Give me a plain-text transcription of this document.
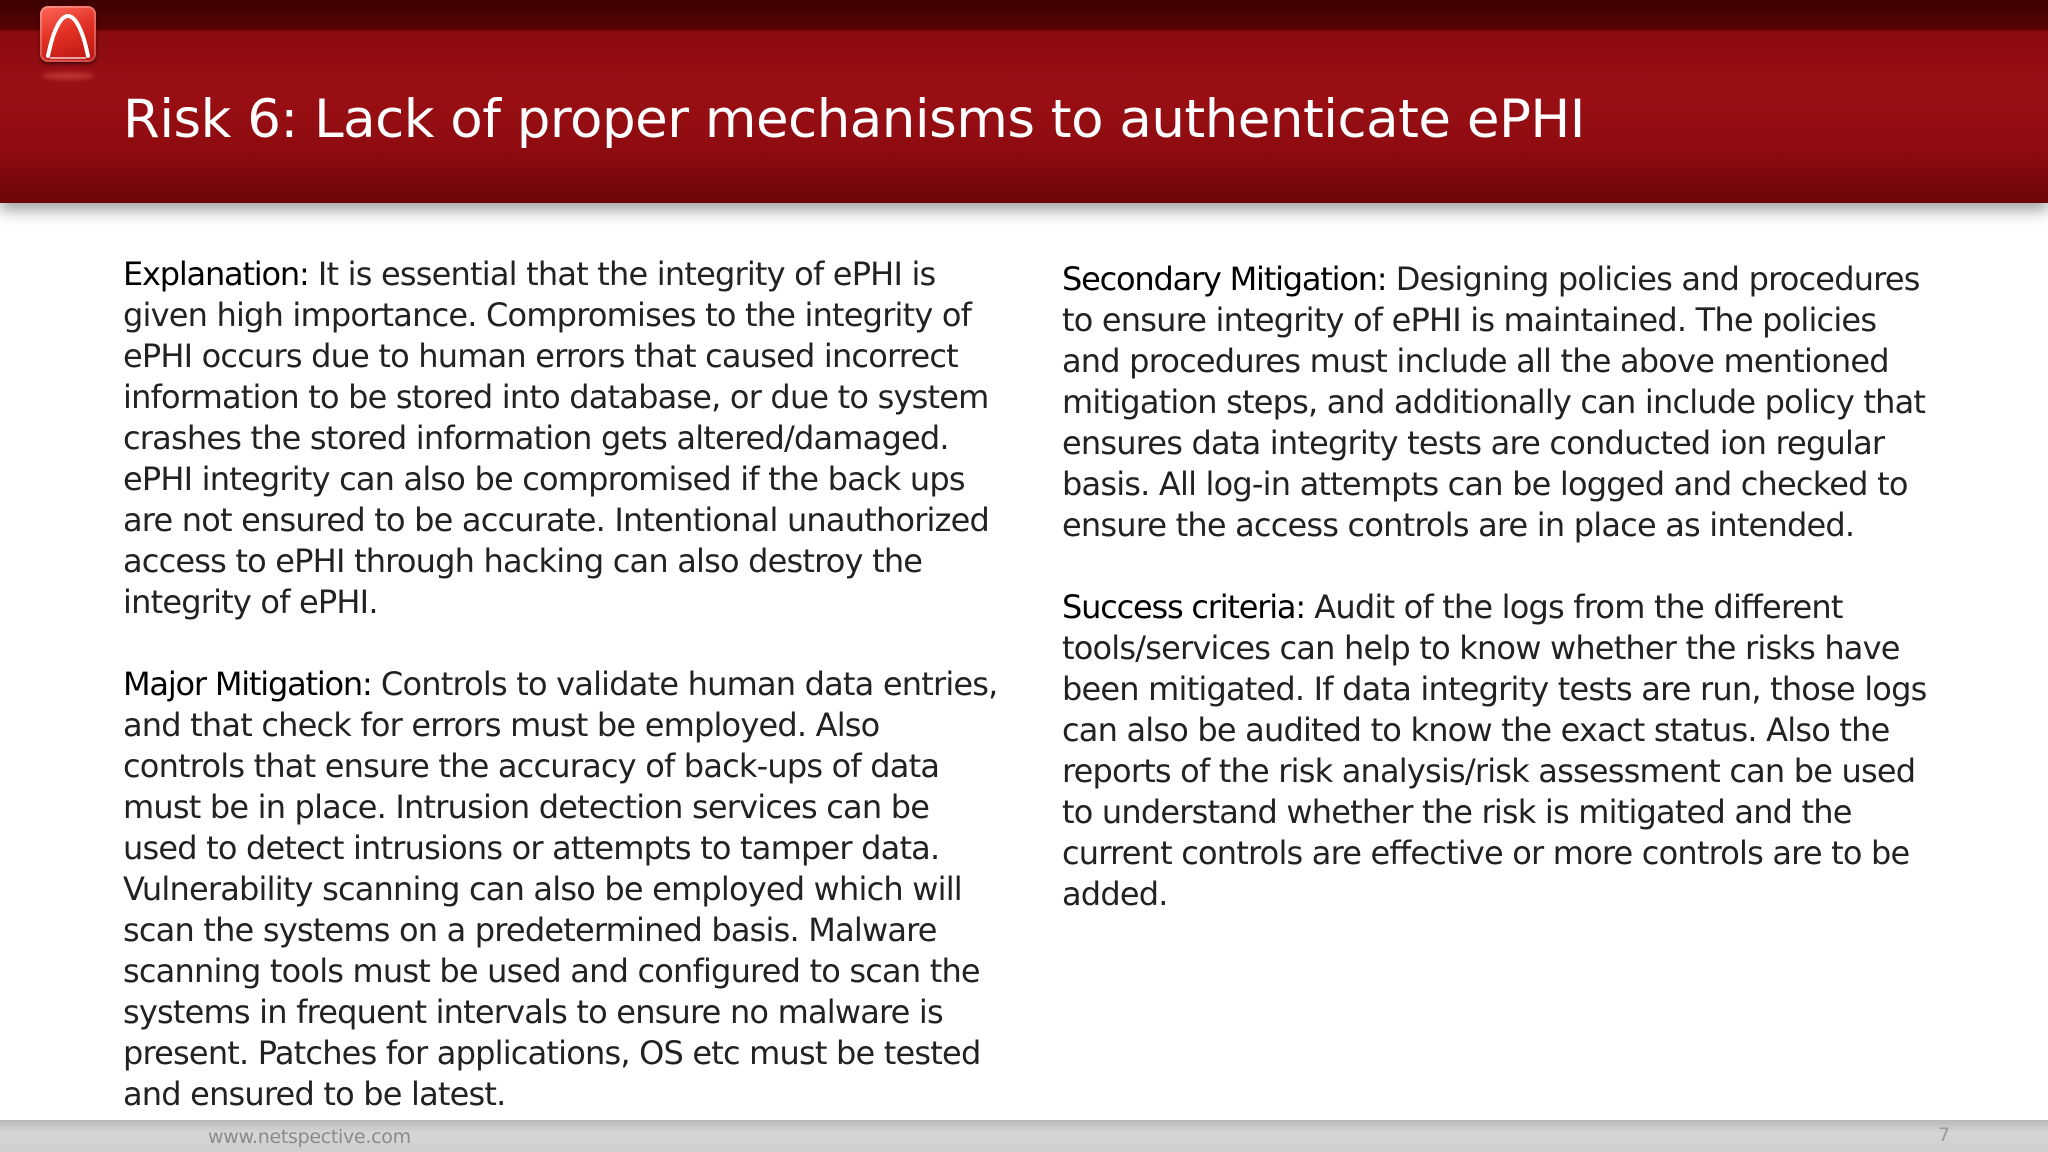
Risk 6: Lack of proper mechanisms to authenticate ePHI

Explanation: It is essential that the integrity of ePHI is given high importance. Compromises to the integrity of ePHI occurs due to human errors that caused incorrect information to be stored into database, or due to system crashes the stored information gets altered/damaged. ePHI integrity can also be compromised if the back ups are not ensured to be accurate. Intentional unauthorized access to ePHI through hacking can also destroy the integrity of ePHI.

Major Mitigation: Controls to validate human data entries, and that check for errors must be employed. Also controls that ensure the accuracy of back-ups of data must be in place. Intrusion detection services can be used to detect intrusions or attempts to tamper data. Vulnerability scanning can also be employed which will scan the systems on a predetermined basis. Malware scanning tools must be used and configured to scan the systems in frequent intervals to ensure no malware is present. Patches for applications, OS etc must be tested and ensured to be latest.

Secondary Mitigation: Designing policies and procedures to ensure integrity of ePHI is maintained. The policies and procedures must include all the above mentioned mitigation steps, and additionally can include policy that ensures data integrity tests are conducted ion regular basis. All log-in attempts can be logged and checked to ensure the access controls are in place as intended.

Success criteria: Audit of the logs from the different tools/services can help to know whether the risks have been mitigated. If data integrity tests are run, those logs can also be audited to know the exact status. Also the reports of the risk analysis/risk assessment can be used to understand whether the risk is mitigated and the current controls are effective or more controls are to be added.

www.netspective.com	7
